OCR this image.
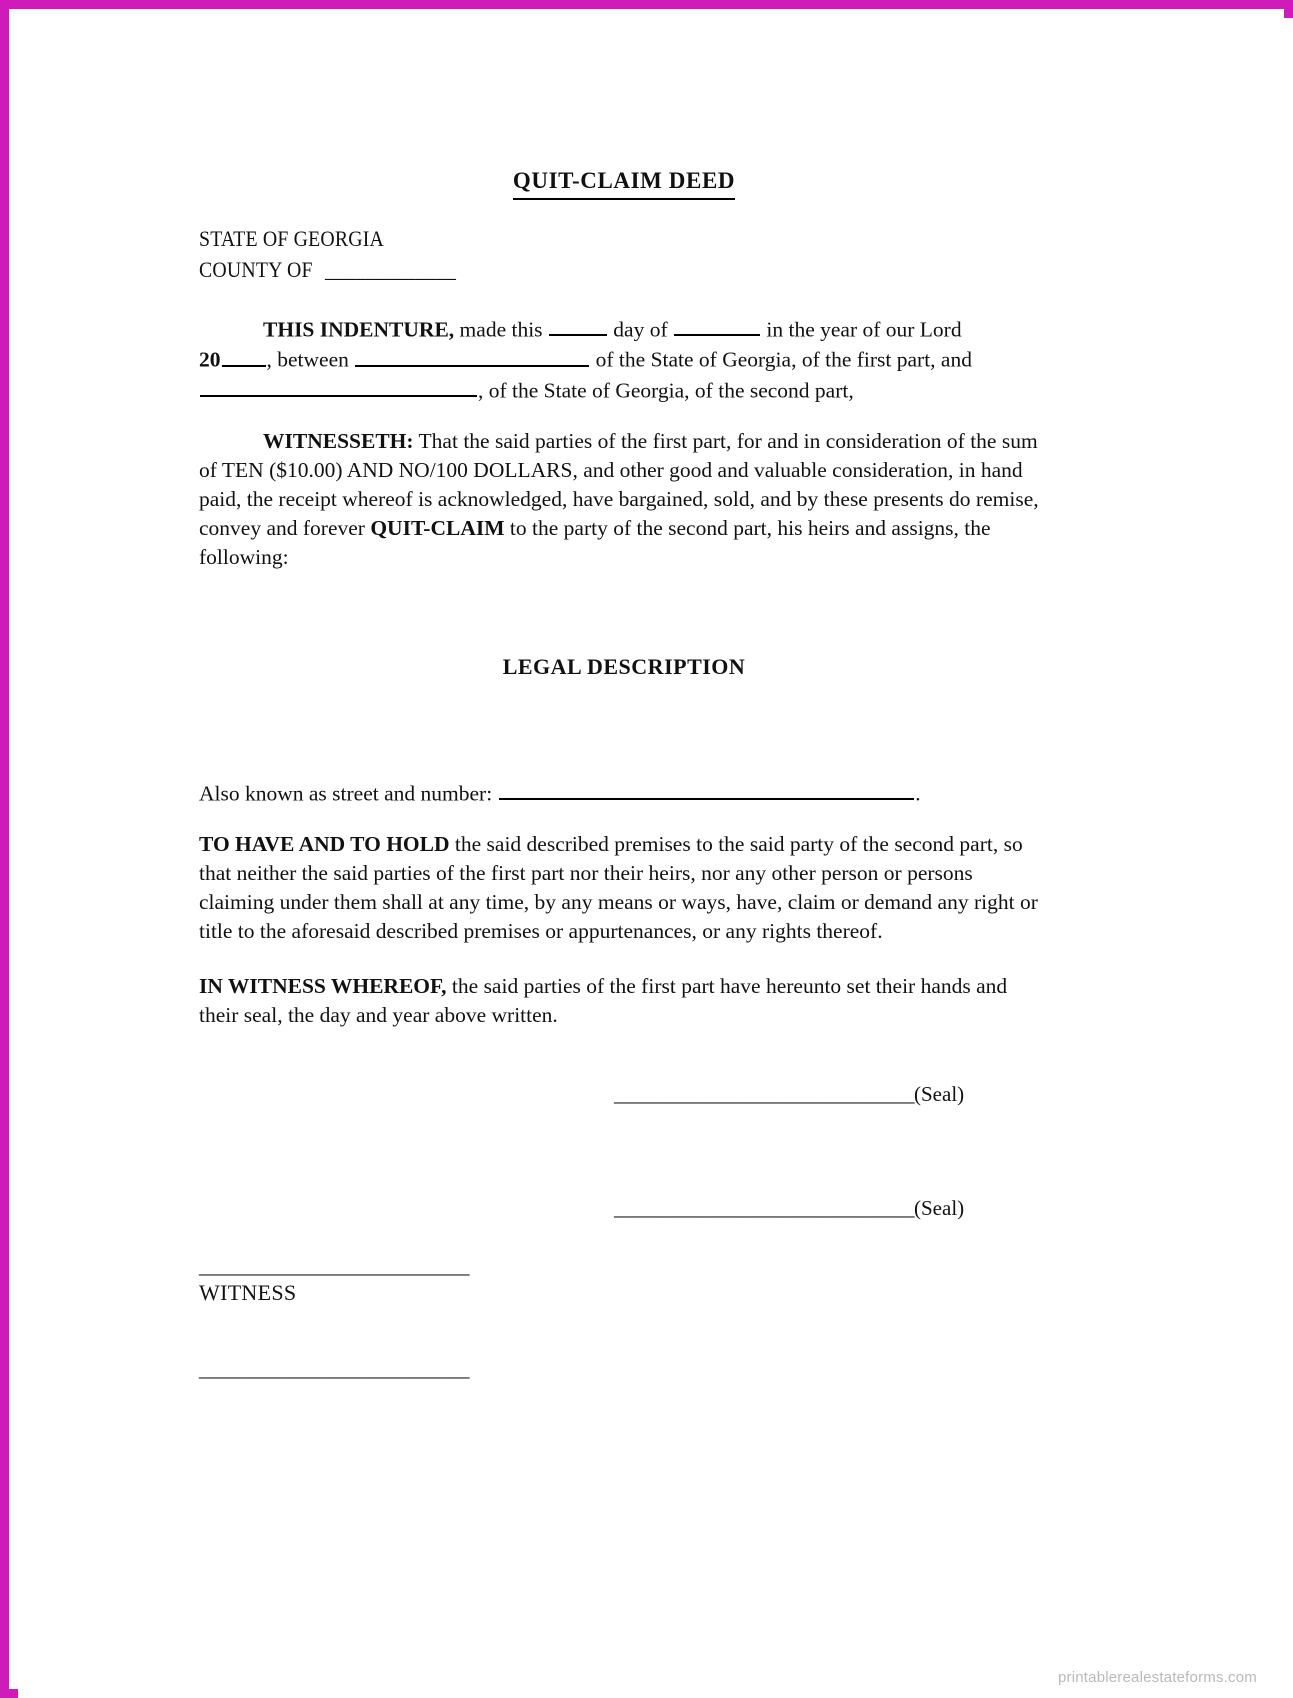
QUIT-CLAIM DEED
STATE OF GEORGIA
COUNTY OF _____________
THIS INDENTURE, made this	day of	in the year of our Lord
20 , between	of the State of Georgia, of the first part, and
, of the State of Georgia, of the second part,
WITNESSETH: That the said parties of the first part, for and in consideration of the sum of TEN ($10.00) AND NO/100 DOLLARS, and other good and valuable consideration, in hand paid, the receipt whereof is acknowledged, have bargained, sold, and by these presents do remise, convey and forever QUIT-CLAIM to the party of the second part, his heirs and assigns, the following:
LEGAL DESCRIPTION
Also known as street and number:	.
TO HAVE AND TO HOLD the said described premises to the said party of the second part, so that neither the said parties of the first part nor their heirs, nor any other person or persons claiming under them shall at any time, by any means or ways, have, claim or demand any right or title to the aforesaid described premises or appurtenances, or any rights thereof.
IN WITNESS WHEREOF, the said parties of the first part have hereunto set their hands and their seal, the day and year above written.
______________________________(Seal)
______________________________(Seal)
___________________________
WITNESS
___________________________
printablerealestateforms.com
